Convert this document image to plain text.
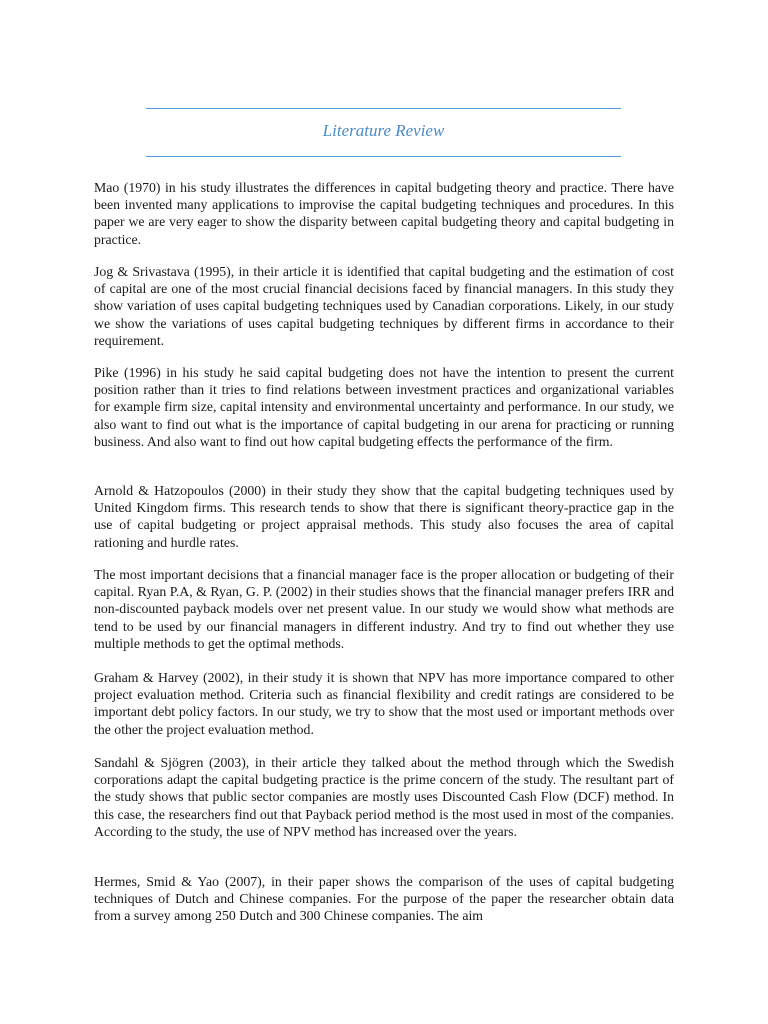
Literature Review

Mao (1970) in his study illustrates the differences in capital budgeting theory and practice. There have been invented many applications to improvise the capital budgeting techniques and procedures. In this paper we are very eager to show the disparity between capital budgeting theory and capital budgeting in practice.

Jog & Srivastava (1995), in their article it is identified that capital budgeting and the estimation of cost of capital are one of the most crucial financial decisions faced by financial managers. In this study they show variation of uses capital budgeting techniques used by Canadian corporations. Likely, in our study we show the variations of uses capital budgeting techniques by different firms in accordance to their requirement.

Pike (1996) in his study he said capital budgeting does not have the intention to present the current position rather than it tries to find relations between investment practices and organizational variables for example firm size, capital intensity and environmental uncertainty and performance. In our study, we also want to find out what is the importance of capital budgeting in our arena for practicing or running business. And also want to find out how capital budgeting effects the performance of the firm.

Arnold & Hatzopoulos (2000) in their study they show that the capital budgeting techniques used by United Kingdom firms. This research tends to show that there is significant theory-practice gap in the use of capital budgeting or project appraisal methods. This study also focuses the area of capital rationing and hurdle rates.

The most important decisions that a financial manager face is the proper allocation or budgeting of their capital. Ryan P.A, & Ryan, G. P. (2002) in their studies shows that the financial manager prefers IRR and non-discounted payback models over net present value. In our study we would show what methods are tend to be used by our financial managers in different industry. And try to find out whether they use multiple methods to get the optimal methods.

Graham & Harvey (2002), in their study it is shown that NPV has more importance compared to other project evaluation method. Criteria such as financial flexibility and credit ratings are considered to be important debt policy factors. In our study, we try to show that the most used or important methods over the other the project evaluation method.

Sandahl & Sjögren (2003), in their article they talked about the method through which the Swedish corporations adapt the capital budgeting practice is the prime concern of the study. The resultant part of the study shows that public sector companies are mostly uses Discounted Cash Flow (DCF) method. In this case, the researchers find out that Payback period method is the most used in most of the companies. According to the study, the use of NPV method has increased over the years.

Hermes, Smid & Yao (2007), in their paper shows the comparison of the uses of capital budgeting techniques of Dutch and Chinese companies. For the purpose of the paper the researcher obtain data from a survey among 250 Dutch and 300 Chinese companies. The aim
